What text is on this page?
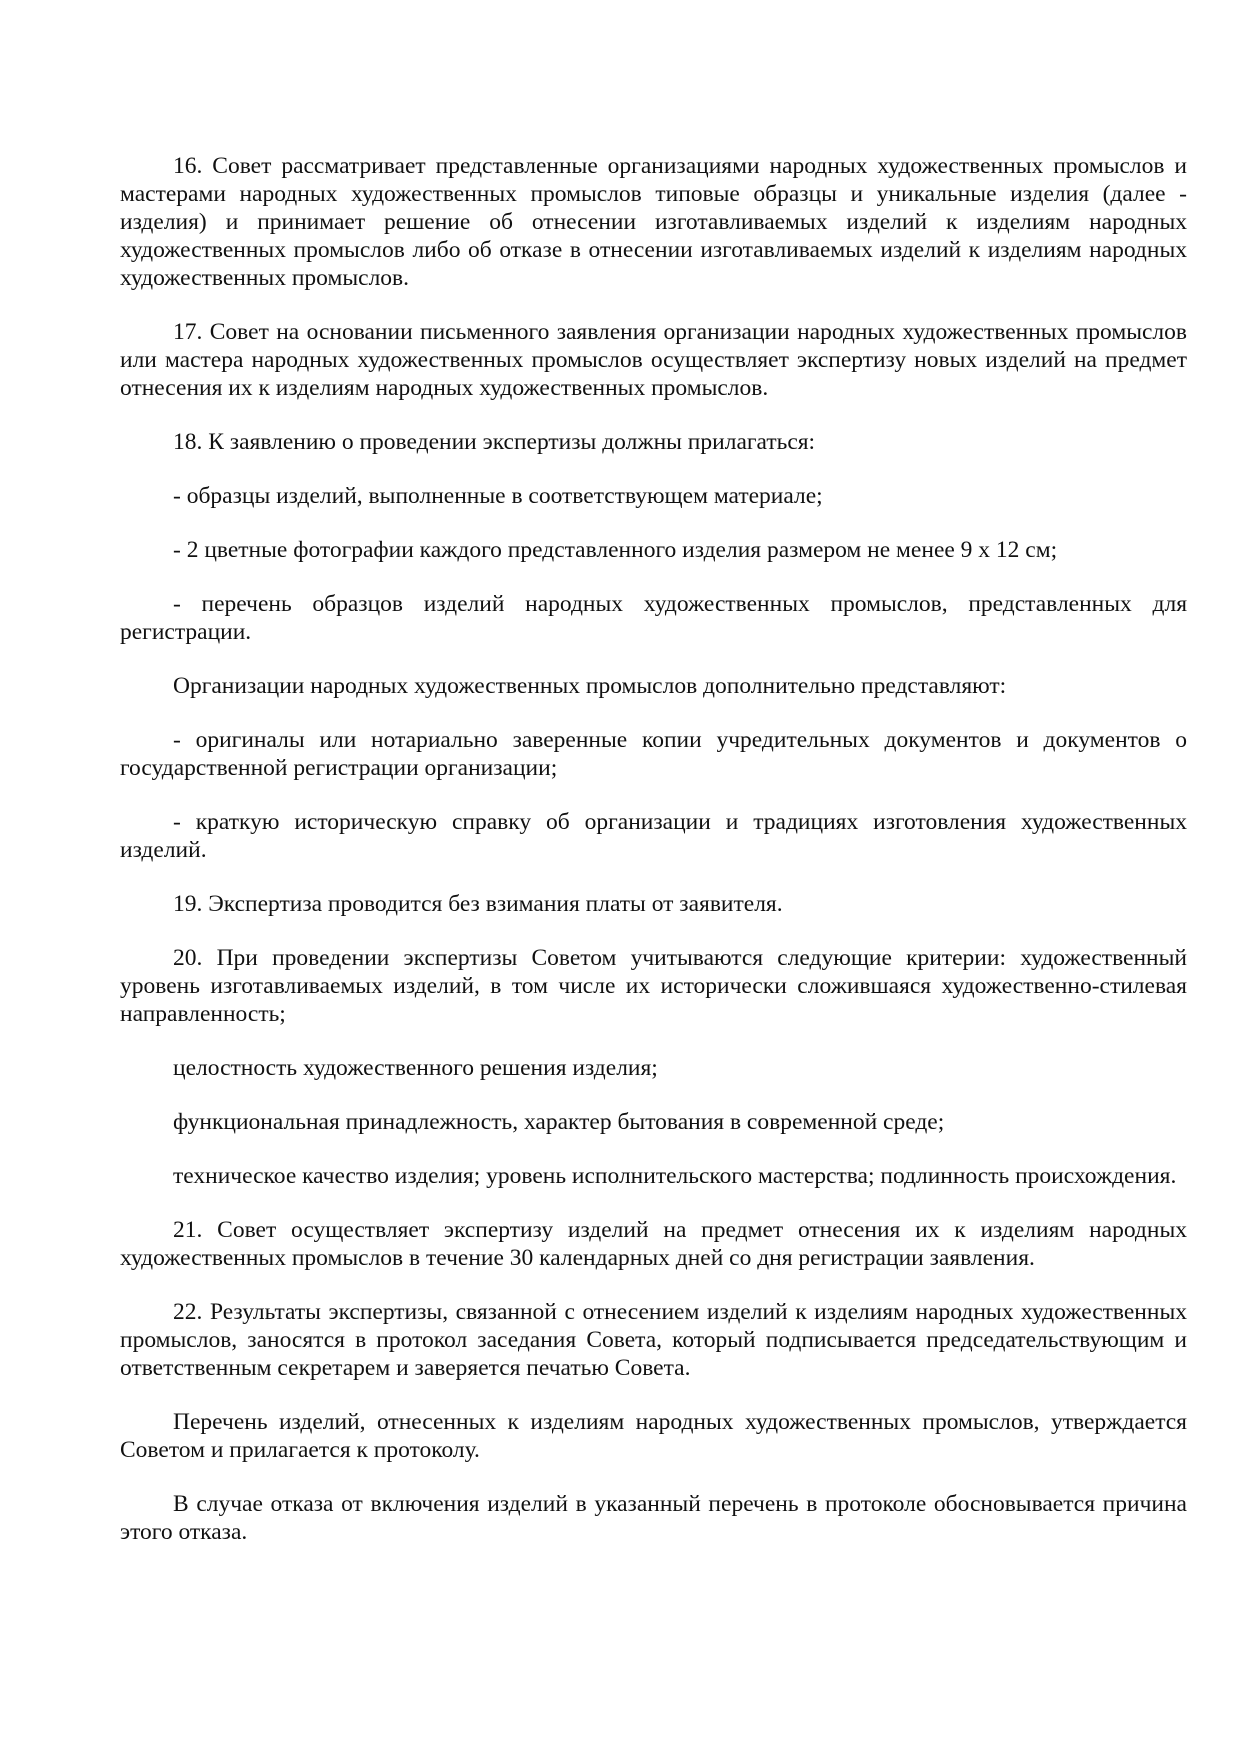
16. Совет рассматривает представленные организациями народных художественных промыслов и мастерами народных художественных промыслов типовые образцы и уникальные изделия (далее - изделия) и принимает решение об отнесении изготавливаемых изделий к изделиям народных художественных промыслов либо об отказе в отнесении изготавливаемых изделий к изделиям народных художественных промыслов.

17. Совет на основании письменного заявления организации народных художественных промыслов или мастера народных художественных промыслов осуществляет экспертизу новых изделий на предмет отнесения их к изделиям народных художественных промыслов.

18. К заявлению о проведении экспертизы должны прилагаться:

- образцы изделий, выполненные в соответствующем материале;

- 2 цветные фотографии каждого представленного изделия размером не менее 9 х 12 см;

- перечень образцов изделий народных художественных промыслов, представленных для регистрации.

Организации народных художественных промыслов дополнительно представляют:

- оригиналы или нотариально заверенные копии учредительных документов и документов о государственной регистрации организации;

- краткую историческую справку об организации и традициях изготовления художественных изделий.

19. Экспертиза проводится без взимания платы от заявителя.

20. При проведении экспертизы Советом учитываются следующие критерии: художественный уровень изготавливаемых изделий, в том числе их исторически сложившаяся художественно-стилевая направленность;

целостность художественного решения изделия;

функциональная принадлежность, характер бытования в современной среде;

техническое качество изделия; уровень исполнительского мастерства; подлинность происхождения.

21. Совет осуществляет экспертизу изделий на предмет отнесения их к изделиям народных художественных промыслов в течение 30 календарных дней со дня регистрации заявления.

22. Результаты экспертизы, связанной с отнесением изделий к изделиям народных художественных промыслов, заносятся в протокол заседания Совета, который подписывается председательствующим и ответственным секретарем и заверяется печатью Совета.

Перечень изделий, отнесенных к изделиям народных художественных промыслов, утверждается Советом и прилагается к протоколу.

В случае отказа от включения изделий в указанный перечень в протоколе обосновывается причина этого отказа.
